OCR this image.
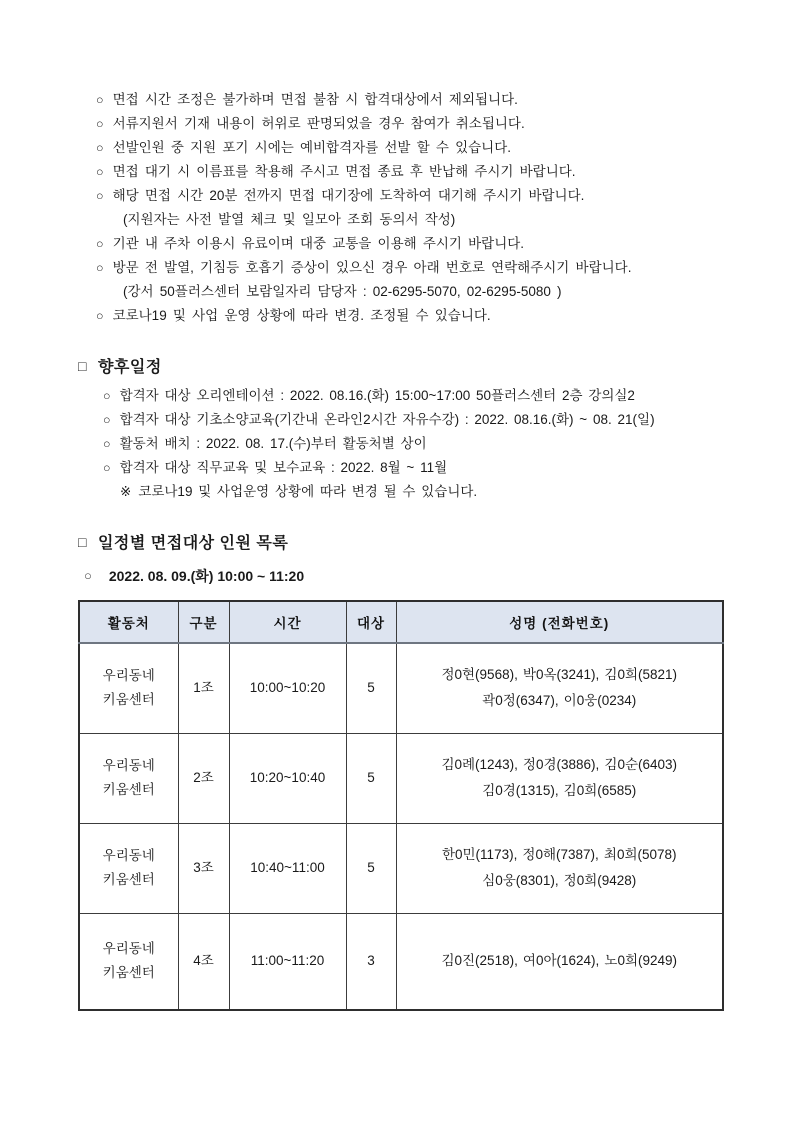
○ 면접 시간 조정은 불가하며 면접 불참 시 합격대상에서 제외됩니다.
○ 서류지원서 기재 내용이 허위로 판명되었을 경우 참여가 취소됩니다.
○ 선발인원 중 지원 포기 시에는 예비합격자를 선발 할 수 있습니다.
○ 면접 대기 시 이름표를 착용해 주시고 면접 종료 후 반납해 주시기 바랍니다.
○ 해당 면접 시간 20분 전까지 면접 대기장에 도착하여 대기해 주시기 바랍니다.
(지원자는 사전 발열 체크 및 일모아 조회 동의서 작성)
○ 기관 내 주차 이용시 유료이며 대중 교통을 이용해 주시기 바랍니다.
○ 방문 전 발열, 기침등 호흡기 증상이 있으신 경우 아래 번호로 연락해주시기 바랍니다.
(강서 50플러스센터 보람일자리 담당자 : 02-6295-5070, 02-6295-5080 )
○ 코로나19 및 사업 운영 상황에 따라 변경. 조정될 수 있습니다.
□ 향후일정
○ 합격자 대상 오리엔테이션 : 2022. 08.16.(화) 15:00~17:00 50플러스센터 2층 강의실2
○ 합격자 대상 기초소양교육(기간내 온라인2시간 자유수강) : 2022. 08.16.(화) ~ 08. 21(일)
○ 활동처 배치 : 2022. 08. 17.(수)부터 활동처별 상이
○ 합격자 대상 직무교육 및 보수교육 : 2022. 8월 ~ 11월
※ 코로나19 및 사업운영 상황에 따라 변경 될 수 있습니다.
□ 일정별 면접대상 인원 목록
○ 2022. 08. 09.(화) 10:00 ~ 11:20
활동처	구분	시간	대상	성명 (전화번호)
우리동네 키움센터	1조	10:00~10:20	5	정0현(9568), 박0옥(3241), 김0희(5821)
곽0정(6347), 이0웅(0234)

우리동네 키움센터	2조	10:20~10:40	5	김0례(1243), 정0경(3886), 김0순(6403)
김0경(1315), 김0희(6585)

우리동네 키움센터	3조	10:40~11:00	5	한0민(1173), 정0해(7387), 최0희(5078)
심0웅(8301), 정0희(9428)

우리동네 키움센터	4조	11:00~11:20	3	김0진(2518), 여0아(1624), 노0희(9249)
